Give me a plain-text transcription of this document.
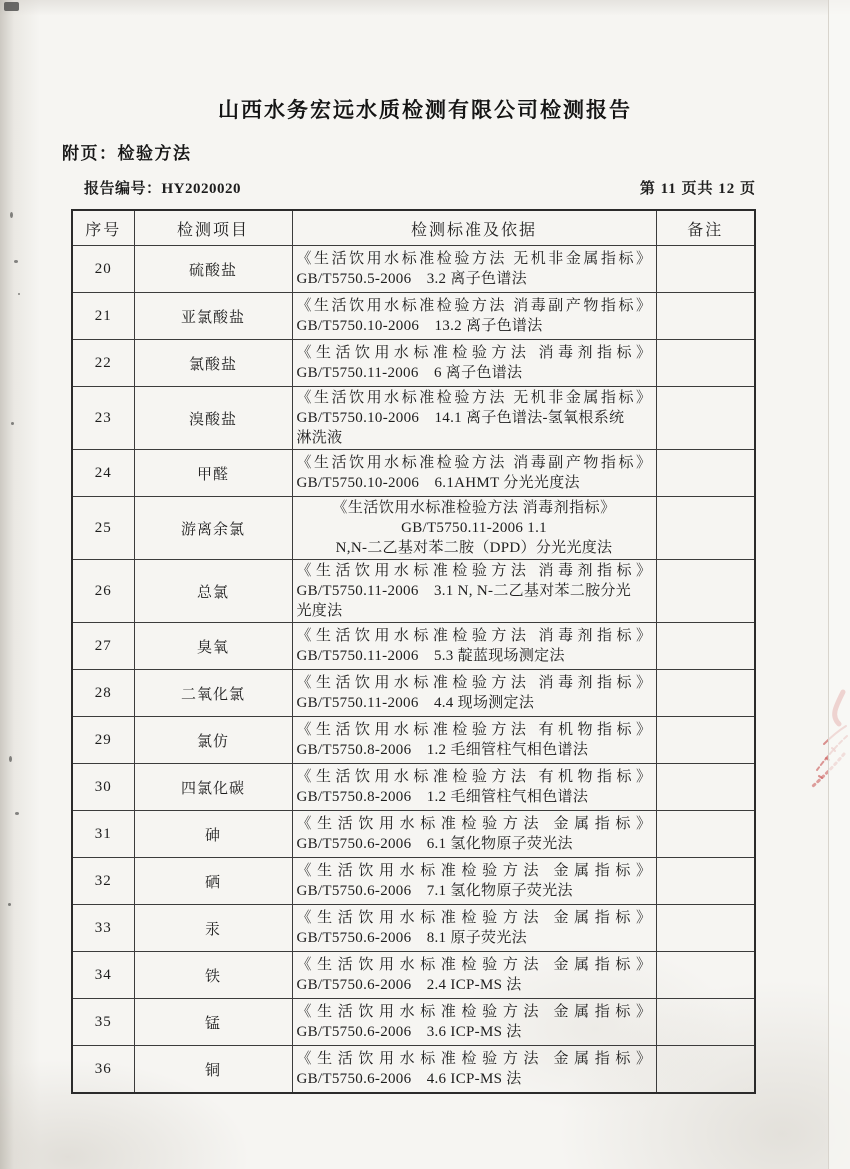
山西水务宏远水质检测有限公司检测报告
附页：检验方法
报告编号：HY2020020	第 11 页共 12 页
序号	检测项目	检测标准及依据	备注
20	硫酸盐	《生活饮用水标准检验方法 无机非金属指标》
GB/T5750.5-2006　3.2 离子色谱法	

21	亚氯酸盐	《生活饮用水标准检验方法 消毒副产物指标》
GB/T5750.10-2006　13.2 离子色谱法	

22	氯酸盐	《生活饮用水标准检验方法 消毒剂指标》
GB/T5750.11-2006　6 离子色谱法	

23	溴酸盐	《生活饮用水标准检验方法 无机非金属指标》
GB/T5750.10-2006　14.1 离子色谱法-氢氧根系统
淋洗液	

24	甲醛	《生活饮用水标准检验方法 消毒副产物指标》
GB/T5750.10-2006　6.1AHMT 分光光度法	

25	游离余氯	《生活饮用水标准检验方法 消毒剂指标》
GB/T5750.11-2006 1.1
N,N-二乙基对苯二胺（DPD）分光光度法	

26	总氯	《生活饮用水标准检验方法 消毒剂指标》
GB/T5750.11-2006　3.1 N, N-二乙基对苯二胺分光
光度法	

27	臭氧	《生活饮用水标准检验方法 消毒剂指标》
GB/T5750.11-2006　5.3 靛蓝现场测定法	

28	二氧化氯	《生活饮用水标准检验方法 消毒剂指标》
GB/T5750.11-2006　4.4 现场测定法	

29	氯仿	《生活饮用水标准检验方法 有机物指标》
GB/T5750.8-2006　1.2 毛细管柱气相色谱法	

30	四氯化碳	《生活饮用水标准检验方法 有机物指标》
GB/T5750.8-2006　1.2 毛细管柱气相色谱法	

31	砷	《生活饮用水标准检验方法 金属指标》
GB/T5750.6-2006　6.1 氢化物原子荧光法	

32	硒	《生活饮用水标准检验方法 金属指标》
GB/T5750.6-2006　7.1 氢化物原子荧光法	

33	汞	《生活饮用水标准检验方法 金属指标》
GB/T5750.6-2006　8.1 原子荧光法	

34	铁	《生活饮用水标准检验方法 金属指标》
GB/T5750.6-2006　2.4 ICP-MS 法	

35	锰	《生活饮用水标准检验方法 金属指标》
GB/T5750.6-2006　3.6 ICP-MS 法	

36	铜	《生活饮用水标准检验方法 金属指标》
GB/T5750.6-2006　4.6 ICP-MS 法	
